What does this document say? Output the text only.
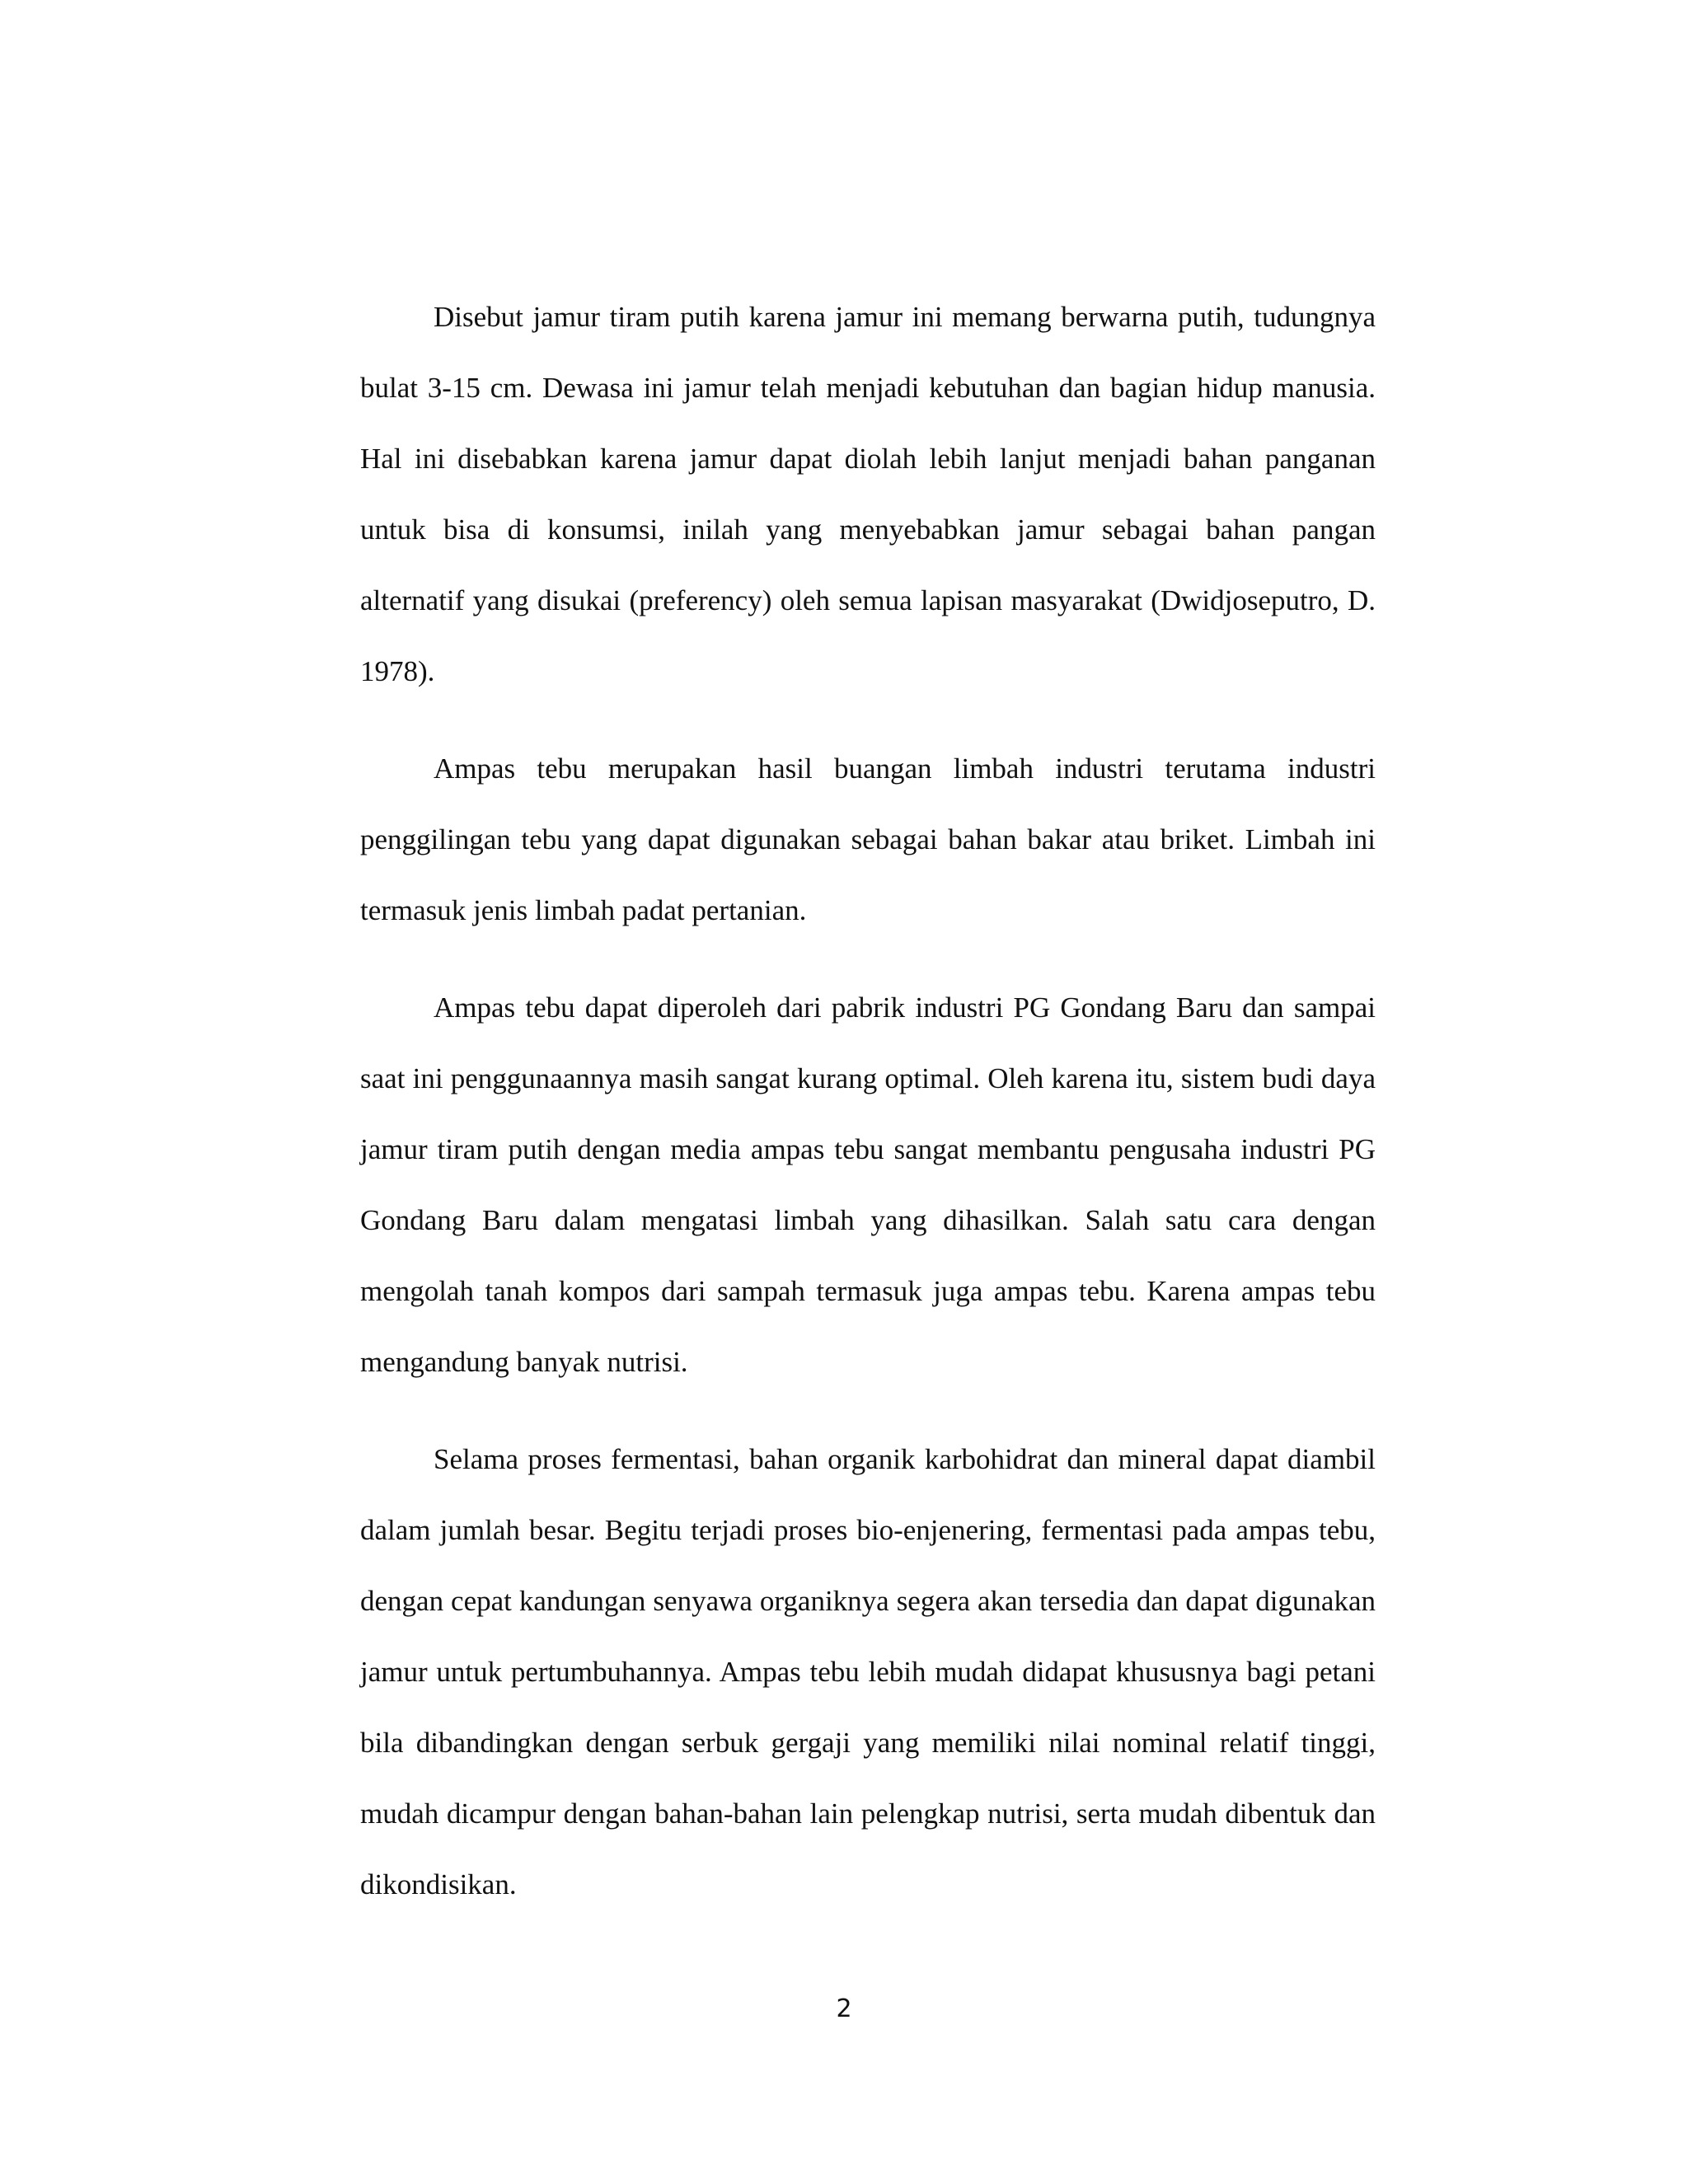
Disebut jamur tiram putih karena jamur ini memang berwarna putih, tudungnya bulat 3-15 cm. Dewasa ini jamur telah menjadi kebutuhan dan bagian hidup manusia. Hal ini disebabkan karena jamur dapat diolah lebih lanjut menjadi bahan panganan untuk bisa di konsumsi, inilah yang menyebabkan jamur sebagai bahan pangan alternatif yang disukai (preferency) oleh semua lapisan masyarakat (Dwidjoseputro, D. 1978).

Ampas tebu merupakan hasil buangan limbah industri terutama industri penggilingan tebu yang dapat digunakan sebagai bahan bakar atau briket. Limbah ini termasuk jenis limbah padat pertanian.

Ampas tebu dapat diperoleh dari pabrik industri PG Gondang Baru dan sampai saat ini penggunaannya masih sangat kurang optimal. Oleh karena itu, sistem budi daya jamur tiram putih dengan media ampas tebu sangat membantu pengusaha industri PG Gondang Baru dalam mengatasi limbah yang dihasilkan. Salah satu cara dengan mengolah tanah kompos dari sampah termasuk juga ampas tebu. Karena ampas tebu mengandung banyak nutrisi.

Selama proses fermentasi, bahan organik karbohidrat dan mineral dapat diambil dalam jumlah besar. Begitu terjadi proses bio-enjenering, fermentasi pada ampas tebu, dengan cepat kandungan senyawa organiknya segera akan tersedia dan dapat digunakan jamur untuk pertumbuhannya. Ampas tebu lebih mudah didapat khususnya bagi petani bila dibandingkan dengan serbuk gergaji yang memiliki nilai nominal relatif tinggi, mudah dicampur dengan bahan-bahan lain pelengkap nutrisi, serta mudah dibentuk dan dikondisikan.

2
